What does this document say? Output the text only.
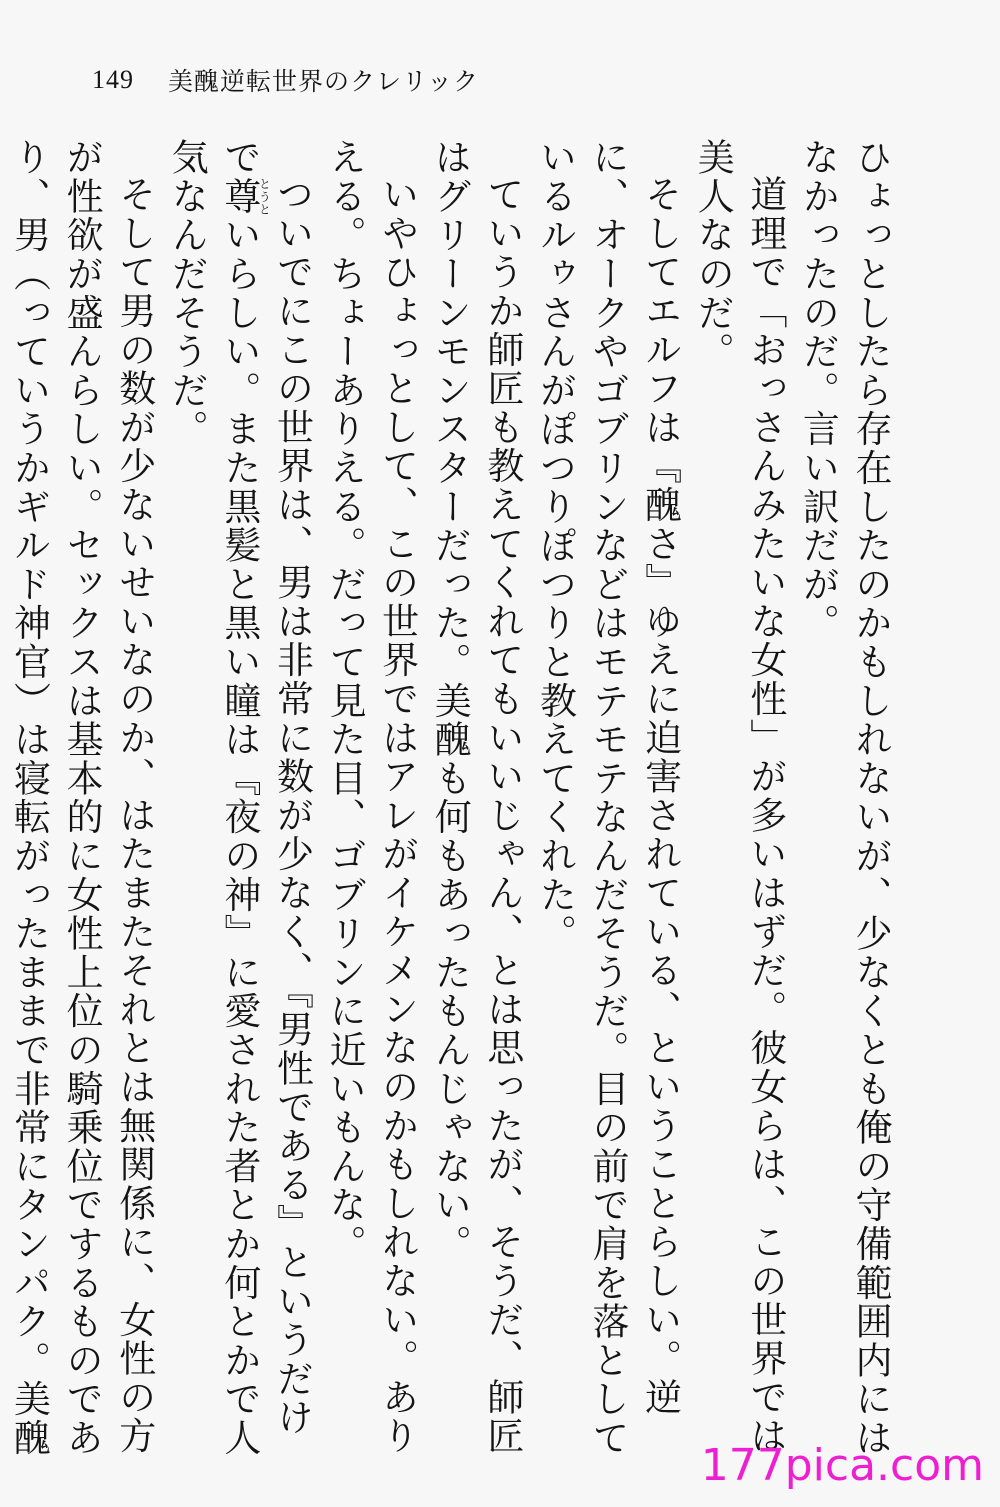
149 美醜逆転世界のクレリック

ひょっとしたら存在したのかもしれないが、少なくとも俺の守備範囲内にはなかったのだ。言い訳だが。

道理で「おっさんみたいな女性」が多いはずだ。彼女らは、この世界では美人なのだ。

そしてエルフは『醜さ』ゆえに迫害されている、ということらしい。逆に、オークやゴブリンなどはモテモテなんだそうだ。目の前で肩を落としているルゥさんがぽつりぽつりと教えてくれた。

ていうか師匠も教えてくれてもいいじゃん、とは思ったが、そうだ、師匠はグリーンモンスターだった。美醜も何もあったもんじゃない。

いやひょっとして、この世界ではアレがイケメンなのかもしれない。ありえる。ちょーありえる。だって見た目、ゴブリンに近いもんな。

ついでにこの世界は、男は非常に数が少なく、『男性である』というだけで尊とうといらしい。また黒髪と黒い瞳は『夜の神』に愛された者とか何とかで人気なんだそうだ。

そして男の数が少ないせいなのか、はたまたそれとは無関係に、女性の方が性欲が盛んらしい。セックスは基本的に女性上位の騎乗位でするものであり、男（っていうかギルド神官）は寝転がったままで非常にタンパク。美醜

177pica.com
